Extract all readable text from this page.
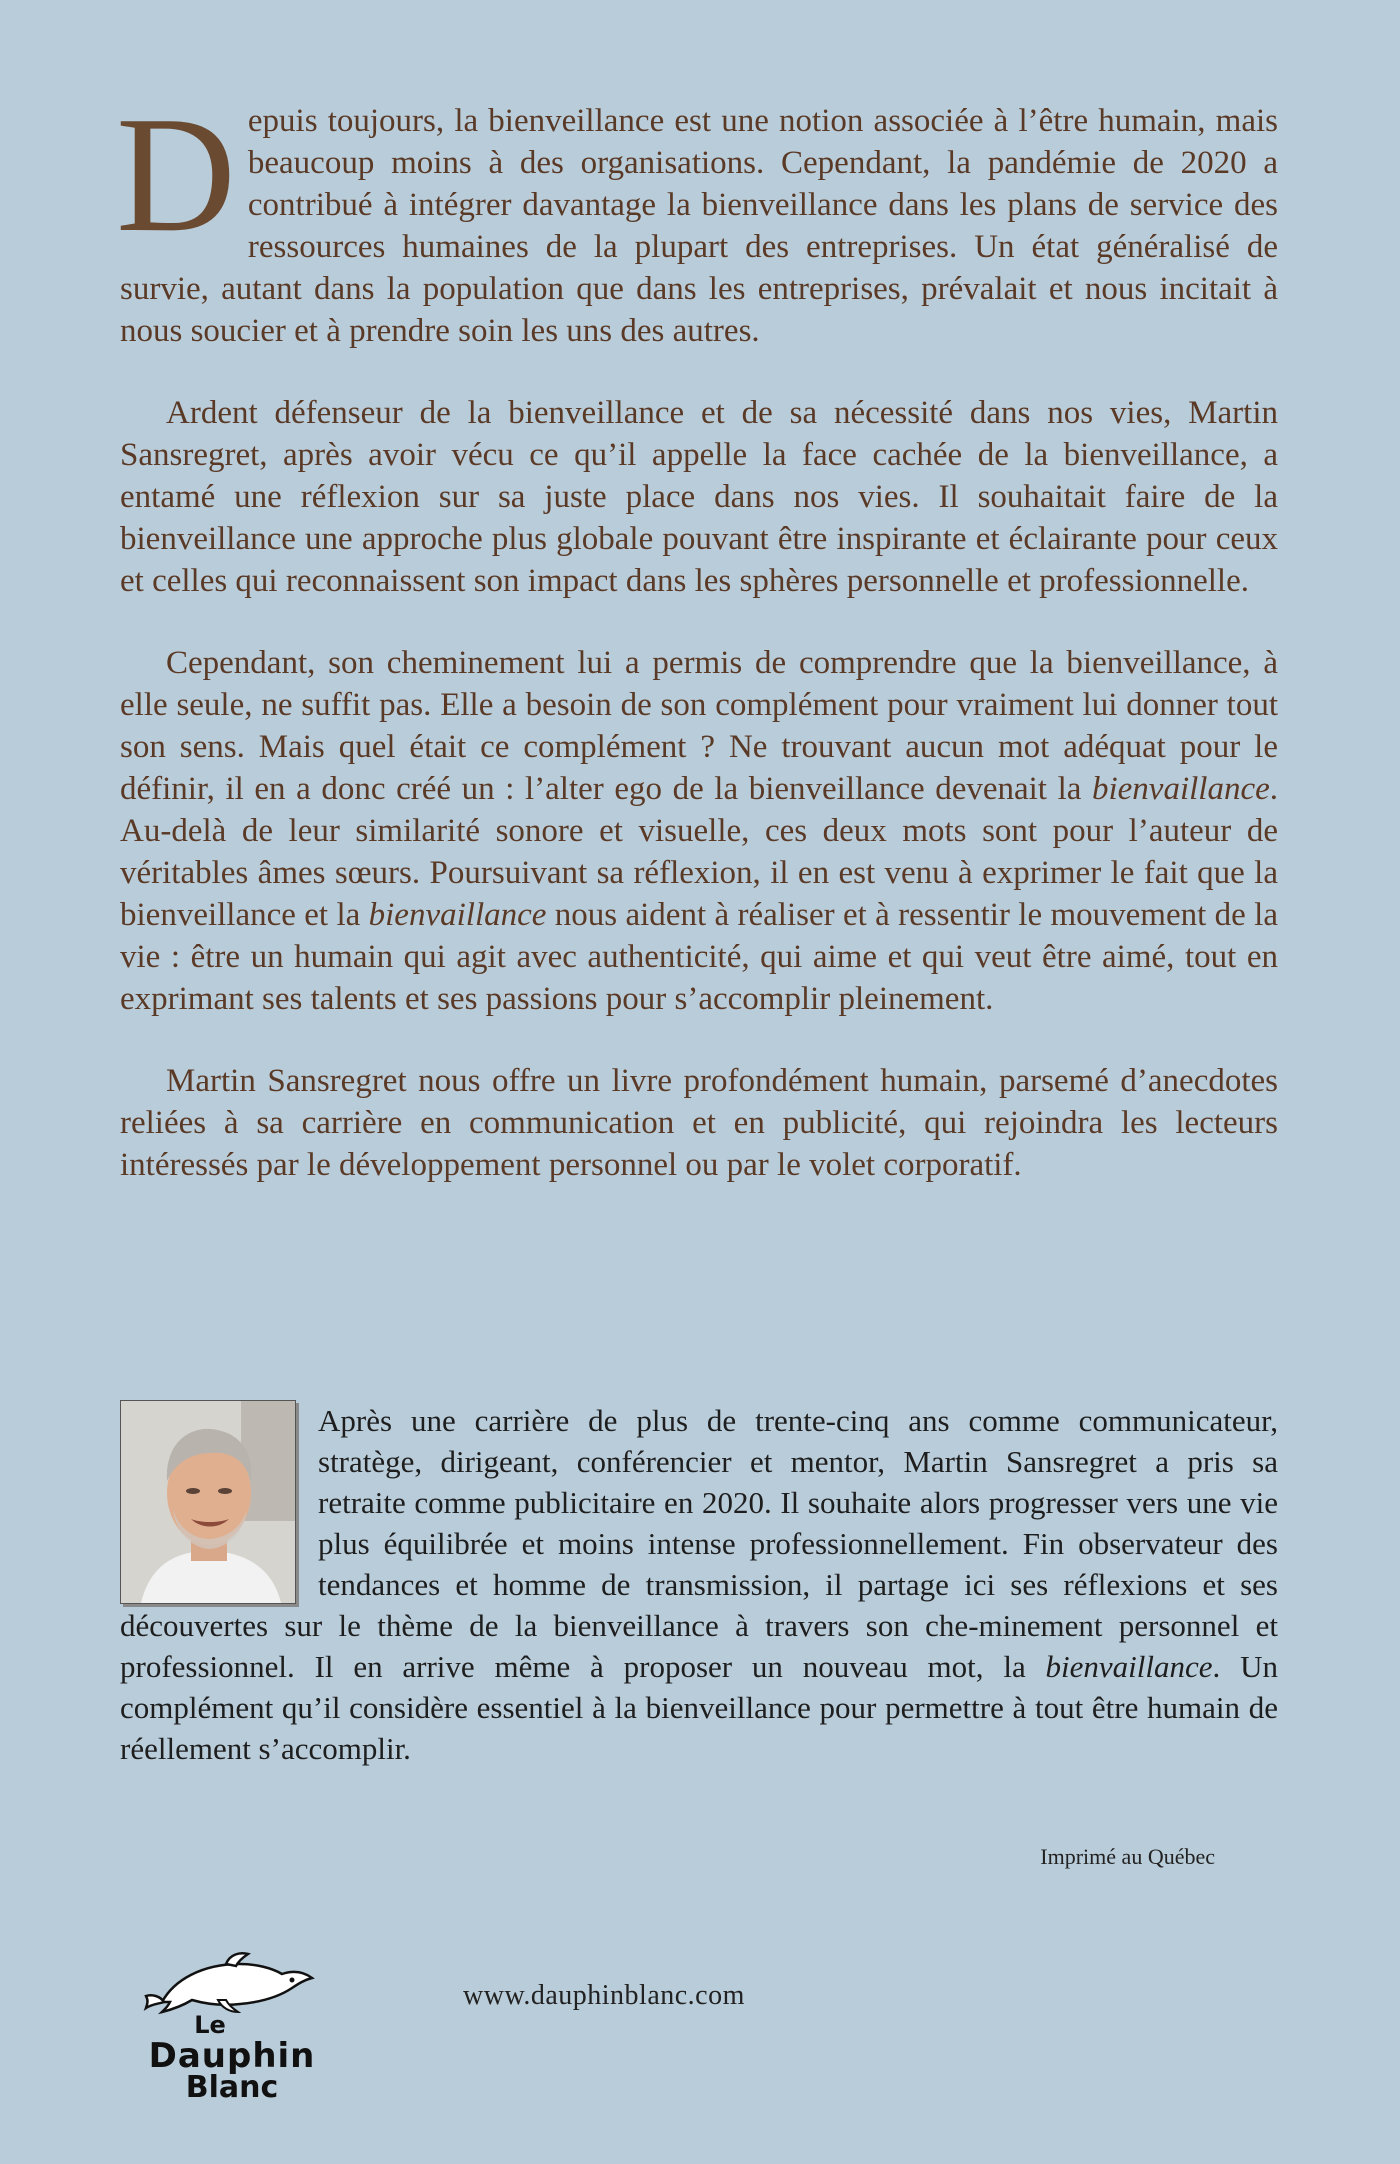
Depuis toujours, la bienveillance est une notion associée à l’être humain, mais beaucoup moins à des organisations. Cependant, la pandémie de 2020 a contribué à intégrer davantage la bienveillance dans les plans de service des ressources humaines de la plupart des entreprises. Un état généralisé de survie, autant dans la population que dans les entreprises, prévalait et nous incitait à nous soucier et à prendre soin les uns des autres.

Ardent défenseur de la bienveillance et de sa nécessité dans nos vies, Martin Sansregret, après avoir vécu ce qu’il appelle la face cachée de la bienveillance, a entamé une réflexion sur sa juste place dans nos vies. Il souhaitait faire de la bienveillance une approche plus globale pouvant être inspirante et éclairante pour ceux et celles qui reconnaissent son impact dans les sphères personnelle et professionnelle.

Cependant, son cheminement lui a permis de comprendre que la bienveillance, à elle seule, ne suffit pas. Elle a besoin de son complément pour vraiment lui donner tout son sens. Mais quel était ce complément ? Ne trouvant aucun mot adéquat pour le définir, il en a donc créé un : l’alter ego de la bienveillance devenait la bienvaillance. Au-delà de leur similarité sonore et visuelle, ces deux mots sont pour l’auteur de véritables âmes sœurs. Poursuivant sa réflexion, il en est venu à exprimer le fait que la bienveillance et la bienvaillance nous aident à réaliser et à ressentir le mouvement de la vie : être un humain qui agit avec authenticité, qui aime et qui veut être aimé, tout en exprimant ses talents et ses passions pour s’accomplir pleinement.

Martin Sansregret nous offre un livre profondément humain, parsemé d’anecdotes reliées à sa carrière en communication et en publicité, qui rejoindra les lecteurs intéressés par le développement personnel ou par le volet corporatif.

Après une carrière de plus de trente-cinq ans comme communicateur, stratège, dirigeant, conférencier et mentor, Martin Sansregret a pris sa retraite comme publicitaire en 2020. Il souhaite alors progresser vers une vie plus équilibrée et moins intense professionnellement. Fin observateur des tendances et homme de transmission, il partage ici ses réflexions et ses découvertes sur le thème de la bienveillance à travers son che-minement personnel et professionnel. Il en arrive même à proposer un nouveau mot, la bienvaillance. Un complément qu’il considère essentiel à la bienveillance pour permettre à tout être humain de réellement s’accomplir.
Imprimé au Québec
Le
Dauphin
Blanc
www.dauphinblanc.com
